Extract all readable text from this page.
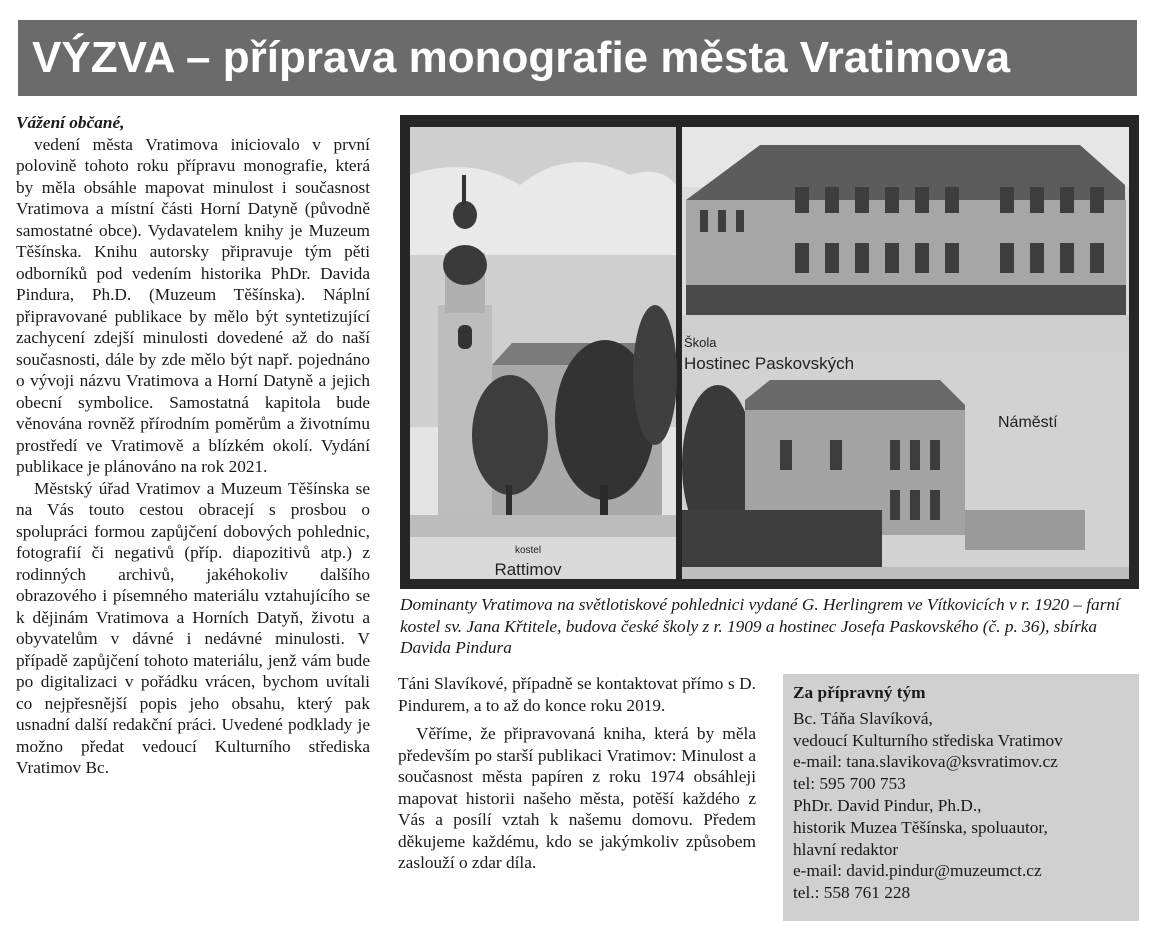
VÝZVA – příprava monografie města Vratimova

Vážení občané,

vedení města Vratimova iniciovalo v první polovině tohoto roku přípravu monografie, která by měla obsáhle mapovat minulost i současnost Vratimova a místní části Horní Datyně (původně samostatné obce). Vydavatelem knihy je Muzeum Těšínska. Knihu autorsky připravuje tým pěti odborníků pod vedením historika PhDr. Davida Pindura, Ph.D. (Muzeum Těšínska). Náplní připravované publikace by mělo být syntetizující zachycení zdejší minulosti dovedené až do naší současnosti, dále by zde mělo být např. pojednáno o vývoji názvu Vratimova a Horní Datyně a jejich obecní symbolice. Samostatná kapitola bude věnována rovněž přírodním poměrům a životnímu prostředí ve Vratimově a blízkém okolí. Vydání publikace je plánováno na rok 2021.

Městský úřad Vratimov a Muzeum Těšínska se na Vás touto cestou obracejí s prosbou o spolupráci formou zapůjčení dobových pohlednic, fotografií či negativů (příp. diapozitivů atp.) z rodinných archivů, jakéhokoliv dalšího obrazového i písemného materiálu vztahujícího se k dějinám Vratimova a Horních Datyň, životu a obyvatelům v dávné i nedávné minulosti. V případě zapůjčení tohoto materiálu, jenž vám bude po digitalizaci v pořádku vrácen, bychom uvítali co nejpřesnější popis jeho obsahu, který pak usnadní další redakční práci. Uvedené podklady je možno předat vedoucí Kulturního střediska Vratimov Bc.

kostel
Rattimov
Škola
Hostinec Paskovských
Náměstí
Dominanty Vratimova na světlotiskové pohlednici vydané G. Herlingrem ve Vítkovicích v r. 1920 – farní kostel sv. Jana Křtitele, budova české školy z r. 1909 a hostinec Josefa Paskovského (č. p. 36), sbírka Davida Pindura

Táni Slavíkové, případně se kontaktovat přímo s D. Pindurem, a to až do konce roku 2019.

Věříme, že připravovaná kniha, která by měla především po starší publikaci Vratimov: Minulost a současnost města papíren z roku 1974 obsáhleji mapovat historii našeho města, potěší každého z Vás a posílí vztah k našemu domovu. Předem děkujeme každému, kdo se jakýmkoliv způsobem zaslouží o zdar díla.

Za přípravný tým
Bc. Táňa Slavíková,
vedoucí Kulturního střediska Vratimov
e-mail: tana.slavikova@ksvratimov.cz
tel: 595 700 753
PhDr. David Pindur, Ph.D.,
historik Muzea Těšínska, spoluautor,
hlavní redaktor
e-mail: david.pindur@muzeumct.cz
tel.: 558 761 228
